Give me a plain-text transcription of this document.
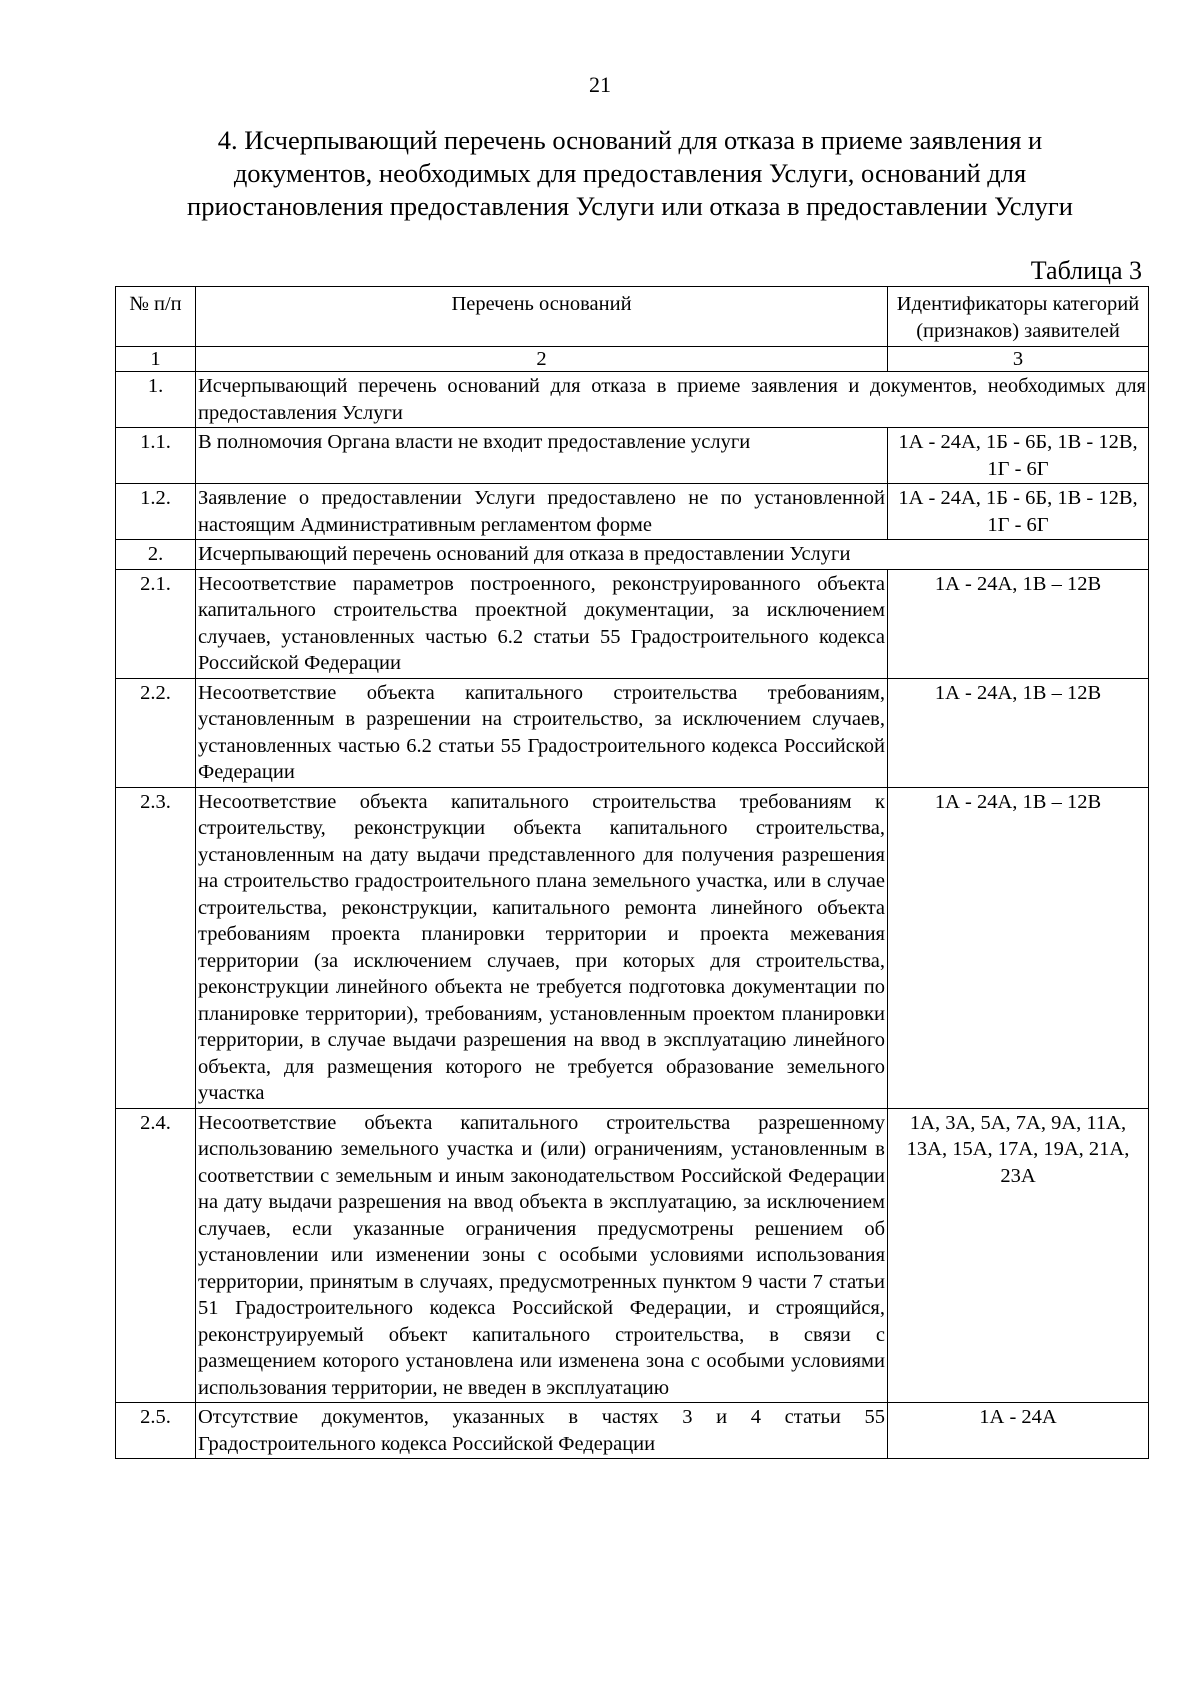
21
4. Исчерпывающий перечень оснований для отказа в приеме заявления и
документов, необходимых для предоставления Услуги, оснований для
приостановления предоставления Услуги или отказа в предоставлении Услуги
Таблица 3
№ п/п	Перечень оснований	Идентификаторы категорий (признаков) заявителей
1	2	3
1.	Исчерпывающий перечень оснований для отказа в приеме заявления и документов, необходимых для предоставления Услуги	
1.1.	В полномочия Органа власти не входит предоставление услуги	1А - 24А, 1Б - 6Б, 1В - 12В, 1Г - 6Г
1.2.	Заявление о предоставлении Услуги предоставлено не по установленной настоящим Административным регламентом форме	1А - 24А, 1Б - 6Б, 1В - 12В, 1Г - 6Г
2.	Исчерпывающий перечень оснований для отказа в предоставлении Услуги	
2.1.	Несоответствие параметров построенного, реконструированного объекта капитального строительства проектной документации, за исключением случаев, установленных частью 6.2 статьи 55 Градостроительного кодекса Российской Федерации	1А - 24А, 1В – 12В
2.2.	Несоответствие объекта капитального строительства требованиям, установленным в разрешении на строительство, за исключением случаев, установленных частью 6.2 статьи 55 Градостроительного кодекса Российской Федерации	1А - 24А, 1В – 12В
2.3.	Несоответствие объекта капитального строительства требованиям к строительству, реконструкции объекта капитального строительства, установленным на дату выдачи представленного для получения разрешения на строительство градостроительного плана земельного участка, или в случае строительства, реконструкции, капитального ремонта линейного объекта требованиям проекта планировки территории и проекта межевания территории (за исключением случаев, при которых для строительства, реконструкции линейного объекта не требуется подготовка документации по планировке территории), требованиям, установленным проектом планировки территории, в случае выдачи разрешения на ввод в эксплуатацию линейного объекта, для размещения которого не требуется образование земельного участка	1А - 24А, 1В – 12В
2.4.	Несоответствие объекта капитального строительства разрешенному использованию земельного участка и (или) ограничениям, установленным в соответствии с земельным и иным законодательством Российской Федерации на дату выдачи разрешения на ввод объекта в эксплуатацию, за исключением случаев, если указанные ограничения предусмотрены решением об установлении или изменении зоны с особыми условиями использования территории, принятым в случаях, предусмотренных пунктом 9 части 7 статьи 51 Градостроительного кодекса Российской Федерации, и строящийся, реконструируемый объект капитального строительства, в связи с размещением которого установлена или изменена зона с особыми условиями использования территории, не введен в эксплуатацию	1А, 3А, 5А, 7А, 9А, 11А, 13А, 15А, 17А, 19А, 21А, 23А
2.5.	Отсутствие документов, указанных в частях 3 и 4 статьи 55 Градостроительного кодекса Российской Федерации	1А - 24А
